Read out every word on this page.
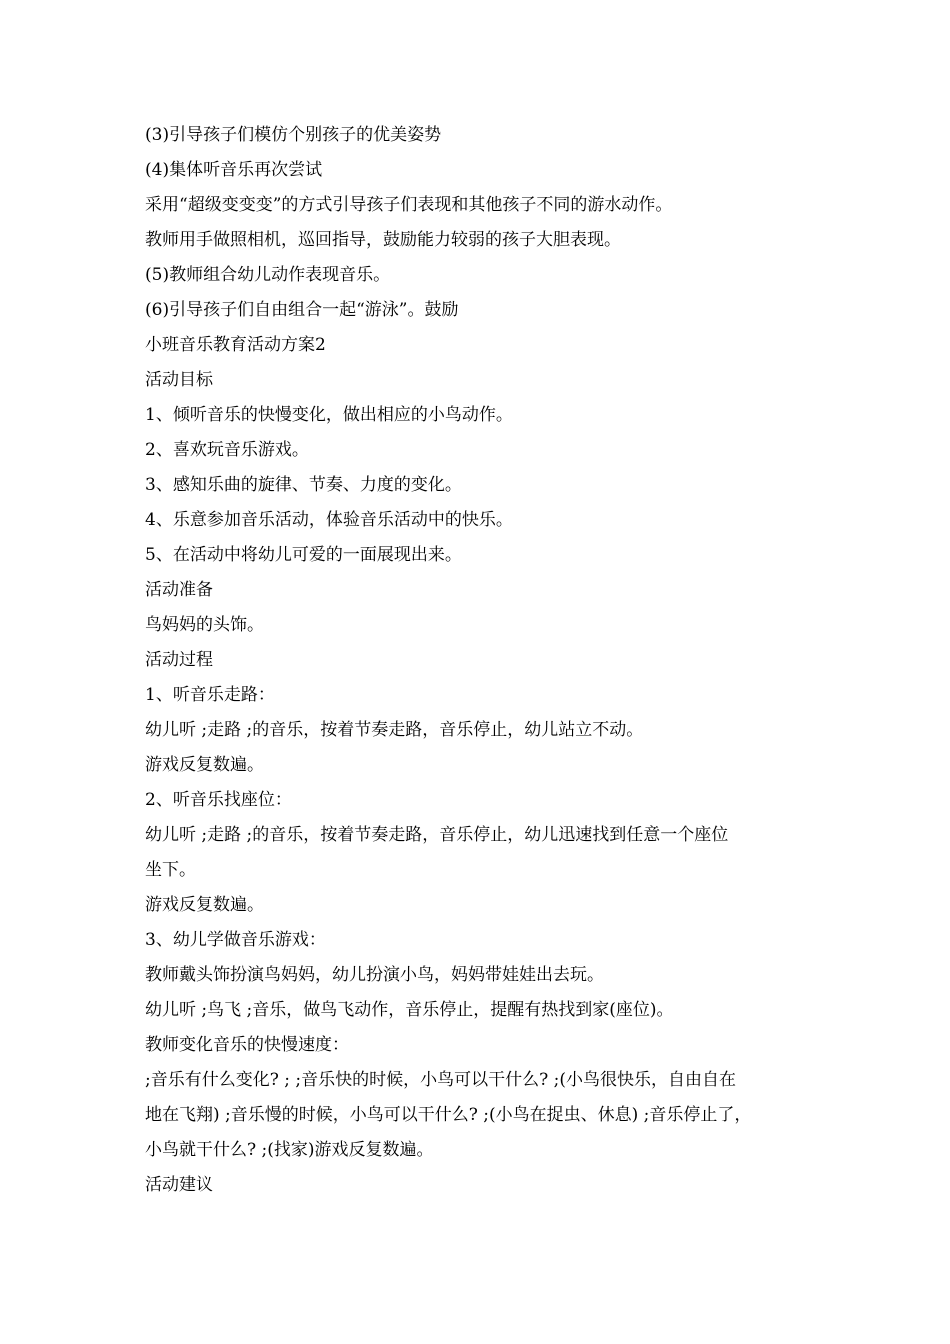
(3)引导孩子们模仿个别孩子的优美姿势
(4)集体听音乐再次尝试
采用“超级变变变”的方式引导孩子们表现和其他孩子不同的游水动作。
教师用手做照相机，巡回指导，鼓励能力较弱的孩子大胆表现。
(5)教师组合幼儿动作表现音乐。
(6)引导孩子们自由组合一起“游泳”。鼓励
小班音乐教育活动方案2
活动目标
1、倾听音乐的快慢变化，做出相应的小鸟动作。
2、喜欢玩音乐游戏。
3、感知乐曲的旋律、节奏、力度的变化。
4、乐意参加音乐活动，体验音乐活动中的快乐。
5、在活动中将幼儿可爱的一面展现出来。
活动准备
鸟妈妈的头饰。
活动过程
1、听音乐走路：
幼儿听 ;走路 ;的音乐，按着节奏走路，音乐停止，幼儿站立不动。
游戏反复数遍。
2、听音乐找座位：
幼儿听 ;走路 ;的音乐，按着节奏走路，音乐停止，幼儿迅速找到任意一个座位
坐下。
游戏反复数遍。
3、幼儿学做音乐游戏：
教师戴头饰扮演鸟妈妈，幼儿扮演小鸟，妈妈带娃娃出去玩。
幼儿听 ;鸟飞 ;音乐，做鸟飞动作，音乐停止，提醒有热找到家(座位)。
教师变化音乐的快慢速度：
;音乐有什么变化? ; ;音乐快的时候，小鸟可以干什么? ;(小鸟很快乐，自由自在
地在飞翔) ;音乐慢的时候，小鸟可以干什么? ;(小鸟在捉虫、休息) ;音乐停止了，
小鸟就干什么? ;(找家)游戏反复数遍。
活动建议
